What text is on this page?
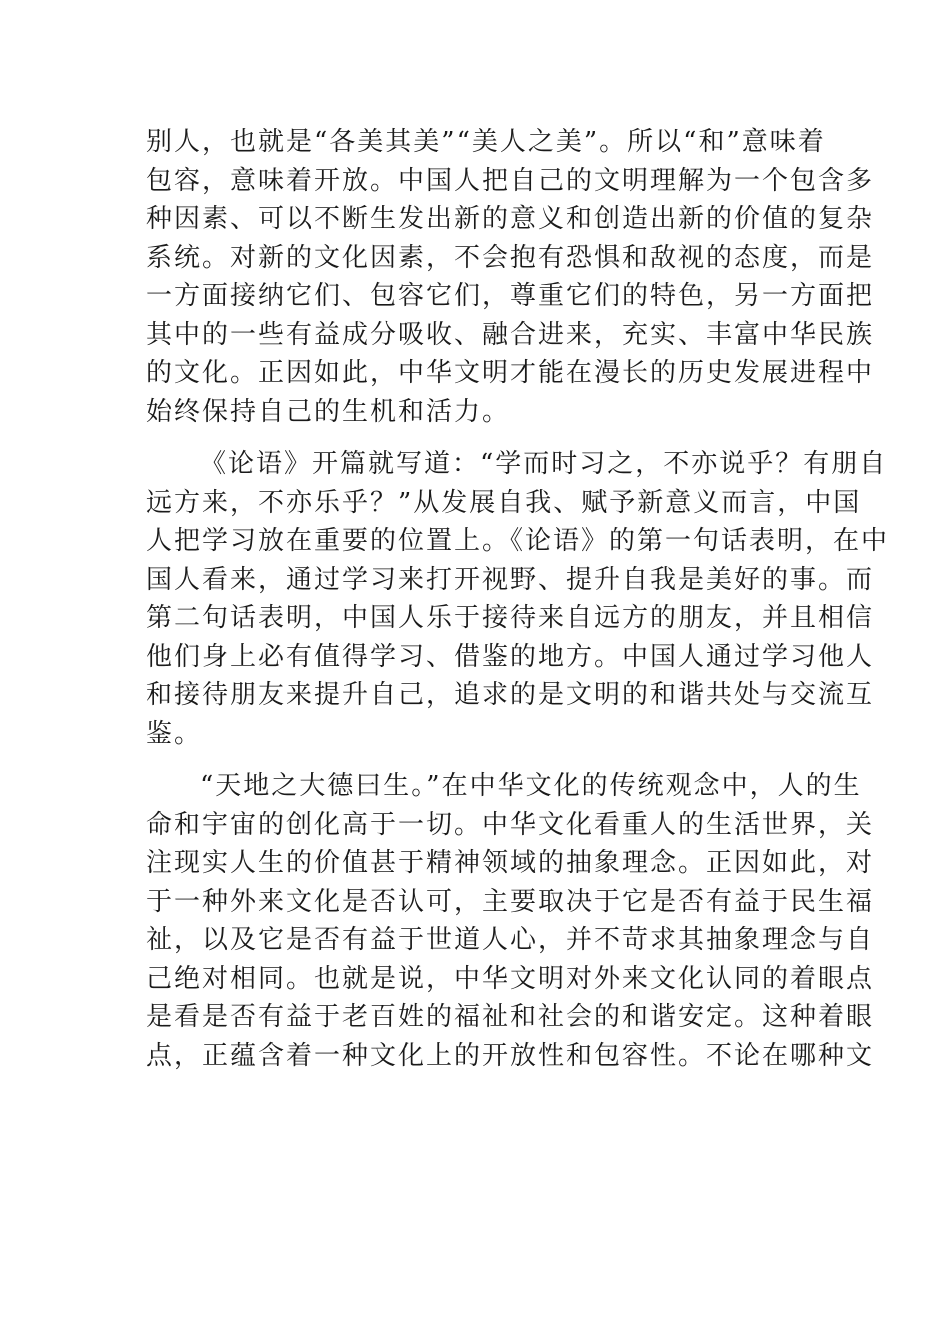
别人，也就是“各美其美”“美人之美”。所以“和”意味着
包容，意味着开放。中国人把自己的文明理解为一个包含多
种因素、可以不断生发出新的意义和创造出新的价值的复杂
系统。对新的文化因素，不会抱有恐惧和敌视的态度，而是
一方面接纳它们、包容它们，尊重它们的特色，另一方面把
其中的一些有益成分吸收、融合进来，充实、丰富中华民族
的文化。正因如此，中华文明才能在漫长的历史发展进程中
始终保持自己的生机和活力。
《论语》开篇就写道：“学而时习之，不亦说乎？有朋自
远方来，不亦乐乎？”从发展自我、赋予新意义而言，中国
人把学习放在重要的位置上。《论语》的第一句话表明，在中
国人看来，通过学习来打开视野、提升自我是美好的事。而
第二句话表明，中国人乐于接待来自远方的朋友，并且相信
他们身上必有值得学习、借鉴的地方。中国人通过学习他人
和接待朋友来提升自己，追求的是文明的和谐共处与交流互
鉴。
“天地之大德曰生。”在中华文化的传统观念中，人的生
命和宇宙的创化高于一切。中华文化看重人的生活世界，关
注现实人生的价值甚于精神领域的抽象理念。正因如此，对
于一种外来文化是否认可，主要取决于它是否有益于民生福
祉，以及它是否有益于世道人心，并不苛求其抽象理念与自
己绝对相同。也就是说，中华文明对外来文化认同的着眼点
是看是否有益于老百姓的福祉和社会的和谐安定。这种着眼
点，正蕴含着一种文化上的开放性和包容性。不论在哪种文
